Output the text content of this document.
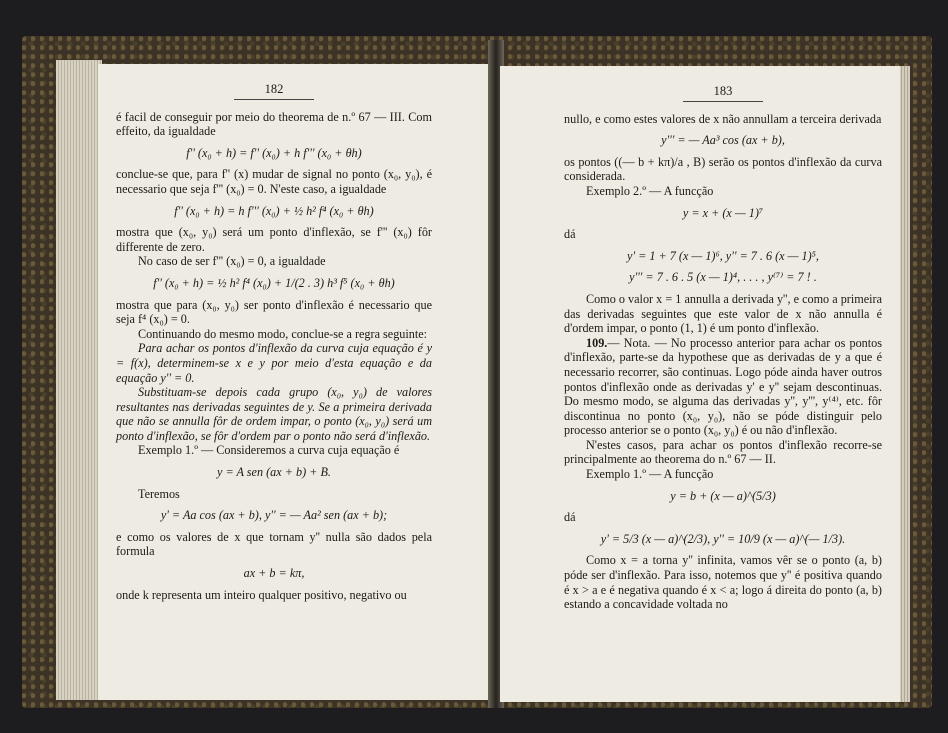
182

é facil de conseguir por meio do theorema de n.º 67 — III. Com effeito, da igualdade

f'' (x₀ + h) = f'' (x₀) + h f''' (x₀ + θh)

conclue-se que, para f'' (x) mudar de signal no ponto (x₀, y₀), é necessario que seja f''' (x₀) = 0. N'este caso, a igualdade

f'' (x₀ + h) = h f''' (x₀) + ½ h² f⁴ (x₀ + θh)

mostra que (x₀, y₀) será um ponto d'inflexão, se f''' (x₀) fôr differente de zero.

No caso de ser f''' (x₀) = 0, a igualdade

f'' (x₀ + h) = ½ h² f⁴ (x₀) + 1/(2 . 3) h³ f⁵ (x₀ + θh)

mostra que para (x₀, y₀) ser ponto d'inflexão é necessario que seja f⁴ (x₀) = 0.

Continuando do mesmo modo, conclue-se a regra seguinte:

Para achar os pontos d'inflexão da curva cuja equação é y = f(x), determinem-se x e y por meio d'esta equação e da equação y'' = 0.

Substituam-se depois cada grupo (x₀, y₀) de valores resultantes nas derivadas seguintes de y. Se a primeira derivada que não se annulla fôr de ordem impar, o ponto (x₀, y₀) será um ponto d'inflexão, se fôr d'ordem par o ponto não será d'inflexão.

Exemplo 1.º — Consideremos a curva cuja equação é

y = A sen (ax + b) + B.

Teremos

y' = Aa cos (ax + b), y'' = — Aa² sen (ax + b);

e como os valores de x que tornam y'' nulla são dados pela formula

ax + b = kπ,

onde k representa um inteiro qualquer positivo, negativo ou

183

nullo, e como estes valores de x não annullam a terceira derivada

y''' = — Aa³ cos (ax + b),

os pontos ((— b + kπ)/a , B) serão os pontos d'inflexão da curva considerada.

Exemplo 2.º — A funcção

y = x + (x — 1)⁷

dá

y' = 1 + 7 (x — 1)⁶, y'' = 7 . 6 (x — 1)⁵,

y''' = 7 . 6 . 5 (x — 1)⁴, . . . , y⁽⁷⁾ = 7 ! .

Como o valor x = 1 annulla a derivada y'', e como a primeira das derivadas seguintes que este valor de x não annulla é d'ordem impar, o ponto (1, 1) é um ponto d'inflexão.

109.— Nota. — No processo anterior para achar os pontos d'inflexão, parte-se da hypothese que as derivadas de y a que é necessario recorrer, são continuas. Logo póde ainda haver outros pontos d'inflexão onde as derivadas y' e y'' sejam descontinuas. Do mesmo modo, se alguma das derivadas y'', y''', y⁽⁴⁾, etc. fôr discontinua no ponto (x₀, y₀), não se póde distinguir pelo processo anterior se o ponto (x₀, y₀) é ou não d'inflexão.

N'estes casos, para achar os pontos d'inflexão recorre-se principalmente ao theorema do n.º 67 — II.

Exemplo 1.º — A funcção

y = b + (x — a)^(5/3)

dá

y' = 5/3 (x — a)^(2/3), y'' = 10/9 (x — a)^(— 1/3).

Como x = a torna y'' infinita, vamos vêr se o ponto (a, b) póde ser d'inflexão. Para isso, notemos que y'' é positiva quando é x > a e é negativa quando é x < a; logo á direita do ponto (a, b) estando a concavidade voltada no
